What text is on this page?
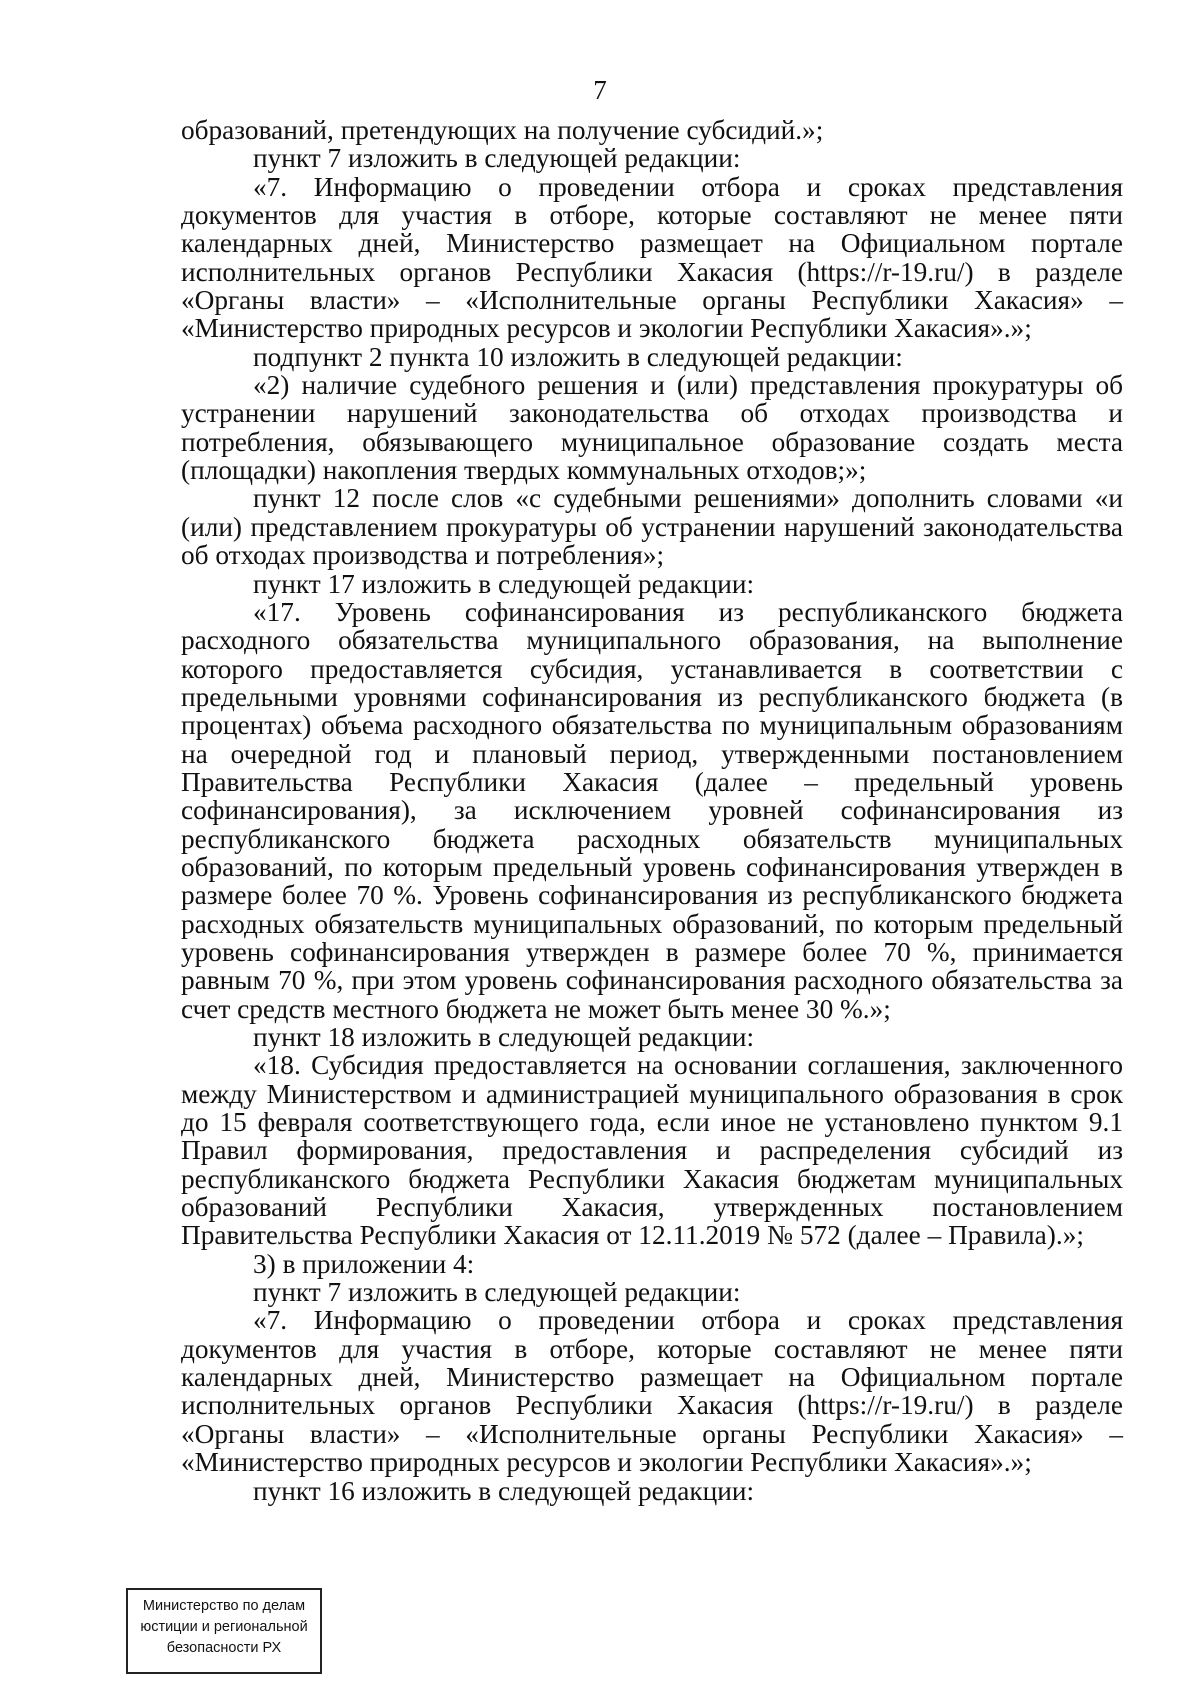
7

образований, претендующих на получение субсидий.»;

пункт 7 изложить в следующей редакции:

«7. Информацию о проведении отбора и сроках представления документов для участия в отборе, которые составляют не менее пяти календарных дней, Министерство размещает на Официальном портале исполнительных органов Республики Хакасия (https://r-19.ru/) в разделе «Органы власти» – «Исполнительные органы Республики Хакасия» – «Министерство природных ресурсов и экологии Республики Хакасия».»;

подпункт 2 пункта 10 изложить в следующей редакции:

«2) наличие судебного решения и (или) представления прокуратуры об устранении нарушений законодательства об отходах производства и потребления, обязывающего муниципальное образование создать места (площадки) накопления твердых коммунальных отходов;»;

пункт 12 после слов «с судебными решениями» дополнить словами «и (или) представлением прокуратуры об устранении нарушений законодательства об отходах производства и потребления»;

пункт 17 изложить в следующей редакции:

«17. Уровень софинансирования из республиканского бюджета расходного обязательства муниципального образования, на выполнение которого предоставляется субсидия, устанавливается в соответствии с предельными уровнями софинансирования из республиканского бюджета (в процентах) объема расходного обязательства по муниципальным образованиям на очередной год и плановый период, утвержденными постановлением Правительства Республики Хакасия (далее – предельный уровень софинансирования), за исключением уровней софинансирования из республиканского бюджета расходных обязательств муниципальных образований, по которым предельный уровень софинансирования утвержден в размере более 70 %. Уровень софинансирования из республиканского бюджета расходных обязательств муниципальных образований, по которым предельный уровень софинансирования утвержден в размере более 70 %, принимается равным 70 %, при этом уровень софинансирования расходного обязательства за счет средств местного бюджета не может быть менее 30 %.»;

пункт 18 изложить в следующей редакции:

«18. Субсидия предоставляется на основании соглашения, заключенного между Министерством и администрацией муниципального образования в срок до 15 февраля соответствующего года, если иное не установлено пунктом 9.1 Правил формирования, предоставления и распределения субсидий из республиканского бюджета Республики Хакасия бюджетам муниципальных образований Республики Хакасия, утвержденных постановлением Правительства Республики Хакасия от 12.11.2019 № 572 (далее – Правила).»;

3) в приложении 4:

пункт 7 изложить в следующей редакции:

«7. Информацию о проведении отбора и сроках представления документов для участия в отборе, которые составляют не менее пяти календарных дней, Министерство размещает на Официальном портале исполнительных органов Республики Хакасия (https://r-19.ru/) в разделе «Органы власти» – «Исполнительные органы Республики Хакасия» – «Министерство природных ресурсов и экологии Республики Хакасия».»;

пункт 16 изложить в следующей редакции:

Министерство по делам
юстиции и региональной
безопасности РХ
